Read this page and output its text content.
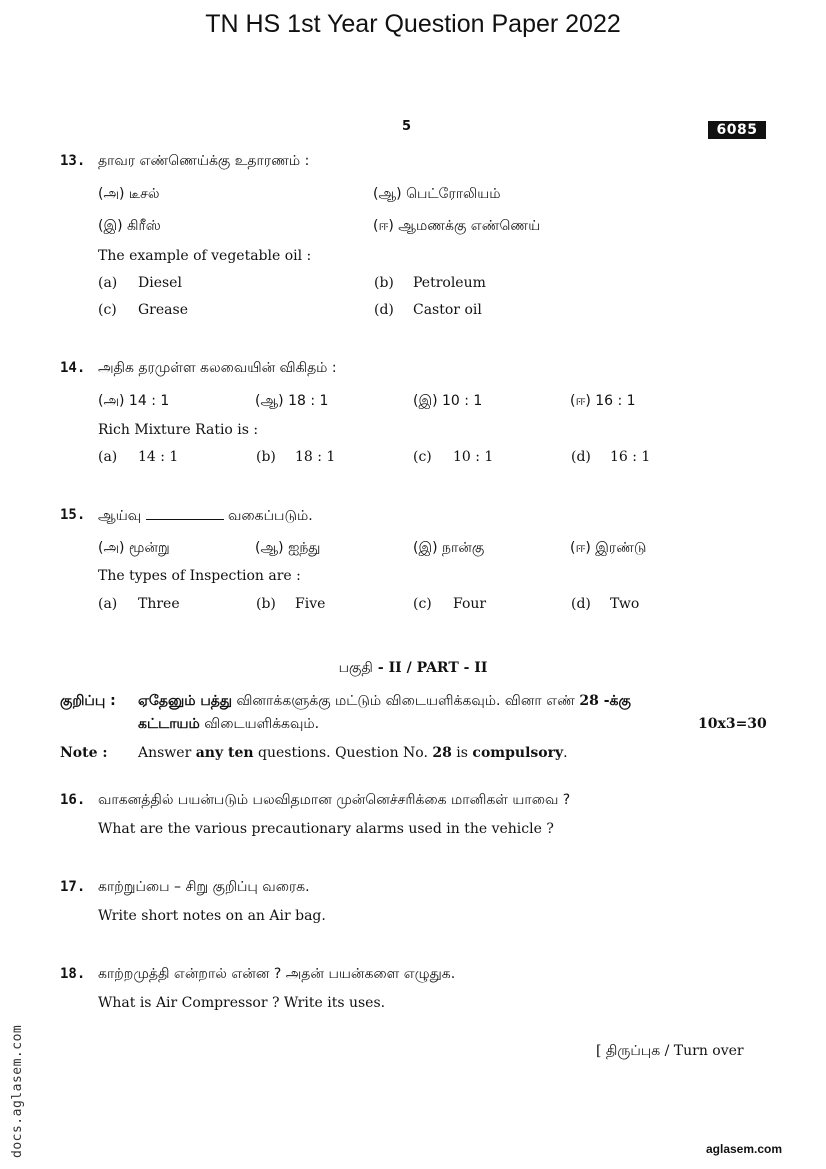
TN HS 1st Year Question Paper 2022
5	6085
13. தாவர எண்ணெய்க்கு உதாரணம் :
(அ) டீசல்	(ஆ) பெட்ரோலியம்
(இ) கிரீஸ்	(ஈ) ஆமணக்கு எண்ணெய்
The example of vegetable oil :
(a) Diesel	(b) Petroleum
(c) Grease	(d) Castor oil
14. அதிக தரமுள்ள கலவையின் விகிதம் :
(அ) 14 : 1	(ஆ) 18 : 1	(இ) 10 : 1	(ஈ) 16 : 1
Rich Mixture Ratio is :
(a) 14 : 1	(b) 18 : 1	(c) 10 : 1	(d) 16 : 1
15. ஆய்வு	வகைப்படும்.
(அ) மூன்று	(ஆ) ஐந்து	(இ) நான்கு	(ஈ) இரண்டு
The types of Inspection are :
(a) Three	(b) Five	(c) Four	(d) Two
பகுதி - II / PART - II
குறிப்பு : ஏதேனும் பத்து வினாக்களுக்கு மட்டும் விடையளிக்கவும். வினா எண் 28 -க்கு
கட்டாயம் விடையளிக்கவும்.	10x3=30
Note : Answer any ten questions. Question No. 28 is compulsory.
16. வாகனத்தில் பயன்படும் பலவிதமான முன்னெச்சரிக்கை மானிகள் யாவை ?
What are the various precautionary alarms used in the vehicle ?
17. காற்றுப்பை – சிறு குறிப்பு வரைக.
Write short notes on an Air bag.
18. காற்றமுத்தி என்றால் என்ன ? அதன் பயன்களை எழுதுக.
What is Air Compressor ? Write its uses.
[ திருப்புக / Turn over
docs.aglasem.com	aglasem.com
